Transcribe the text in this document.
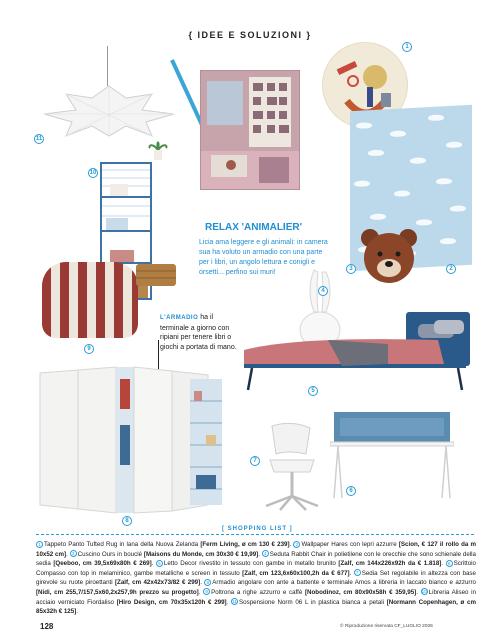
{ IDEE E SOLUZIONI }
11
1
2
RELAX 'ANIMALIER'
Licia ama leggere e gli animali: in camera sua ha voluto un armadio con una parte per i libri, un angolo lettura e conigli e orsetti... perfino sui muri!	3
10
9
4
L'ARMADIO ha il terminale a giorno con ripiani per tenere libri o giochi a portata di mano.
5
8
7
6
[ SHOPPING LIST ]
1 Tappeto Panto Tufted Rug in lana della Nuova Zelanda [Ferm Living, ø cm 130 € 239]. 2 Wallpaper Hares con lepri azzurre [Scion, € 127 il rollo da m 10x52 cm]. 3 Cuscino Ours in bouclé [Maisons du Monde, cm 30x30 € 19,99]. 4 Seduta Rabbit Chair in polietilene con le orecchie che sono schienale della sedia [Qeeboo, cm 39,5x69x80h € 269]. 5 Letto Decor rivestito in tessuto con gambe in metallo brunito [Zalf, cm 144x226x92h da € 1.818]. 6 Scrittoio Compasso con top in melaminico, gambe metalliche e screen in tessuto [Zalf, cm 123,6x60x100,2h da € 677]. 7 Sedia Set regolabile in altezza con base girevole su ruote piroettanti [Zalf, cm 42x42x73/82 € 299]. 8 Armadio angolare con ante a battente e terminale Amos a libreria in laccato bianco e azzurro [Nidi, cm 255,7/157,5x60,2x257,9h prezzo su progetto]. 9 Poltrona a righe azzurro e caffè [Nobodinoz, cm 80x90x58h € 359,95]. 10 Libreria Aliseo in acciaio verniciato Fiordaliso [Hiro Design, cm 70x35x120h € 299]. 11 Sospensione Norm 06 L in plastica bianca a petali [Normann Copenhagen, ø cm 85x32h € 125].
128	© Riproduzione riservata CF_LUGLIO 2026
